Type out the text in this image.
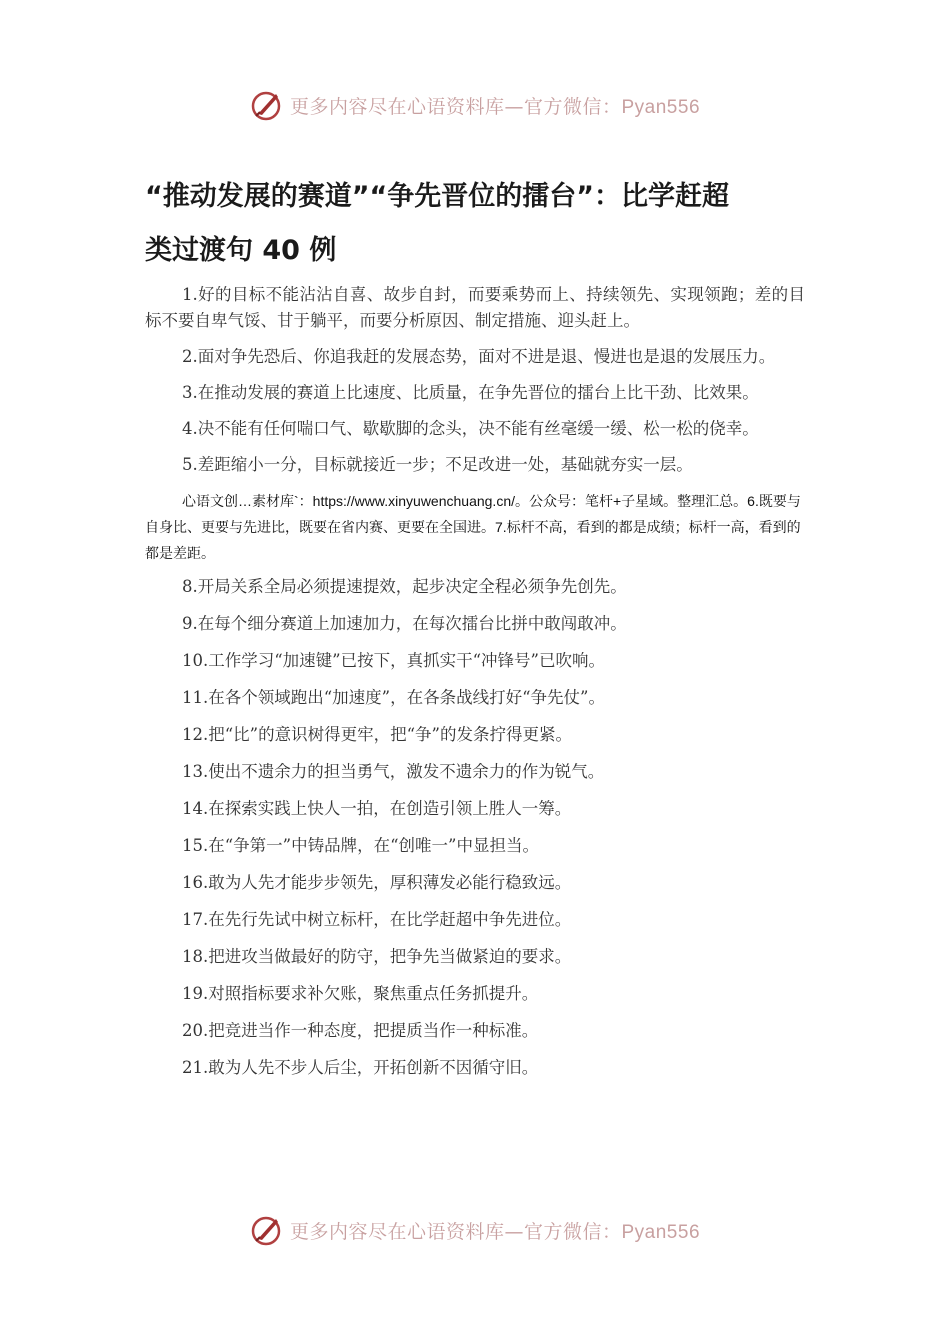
更多内容尽在心语资料库—官方微信：Pyan556
“推动发展的赛道”“争先晋位的擂台”：比学赶超
类过渡句 40 例

1.好的目标不能沾沾自喜、故步自封，而要乘势而上、持续领先、实现领跑；差的目标不要自卑气馁、甘于躺平，而要分析原因、制定措施、迎头赶上。

2.面对争先恐后、你追我赶的发展态势，面对不进是退、慢进也是退的发展压力。

3.在推动发展的赛道上比速度、比质量，在争先晋位的擂台上比干劲、比效果。

4.决不能有任何喘口气、歇歇脚的念头，决不能有丝毫缓一缓、松一松的侥幸。

5.差距缩小一分，目标就接近一步；不足改进一处，基础就夯实一层。

心语文创…素材库`：https://www.xinyuwenchuang.cn/。公众号：笔杆+子星域。整理汇总。6.既要与自身比、更要与先进比，既要在省内赛、更要在全国进。7.标杆不高，看到的都是成绩；标杆一高，看到的都是差距。

8.开局关系全局必须提速提效，起步决定全程必须争先创先。

9.在每个细分赛道上加速加力，在每次擂台比拼中敢闯敢冲。

10.工作学习“加速键”已按下，真抓实干“冲锋号”已吹响。

11.在各个领域跑出“加速度”，在各条战线打好“争先仗”。

12.把“比”的意识树得更牢，把“争”的发条拧得更紧。

13.使出不遗余力的担当勇气，激发不遗余力的作为锐气。

14.在探索实践上快人一拍，在创造引领上胜人一筹。

15.在“争第一”中铸品牌，在“创唯一”中显担当。

16.敢为人先才能步步领先，厚积薄发必能行稳致远。

17.在先行先试中树立标杆，在比学赶超中争先进位。

18.把进攻当做最好的防守，把争先当做紧迫的要求。

19.对照指标要求补欠账，聚焦重点任务抓提升。

20.把竞进当作一种态度，把提质当作一种标准。

21.敢为人先不步人后尘，开拓创新不因循守旧。

更多内容尽在心语资料库—官方微信：Pyan556
